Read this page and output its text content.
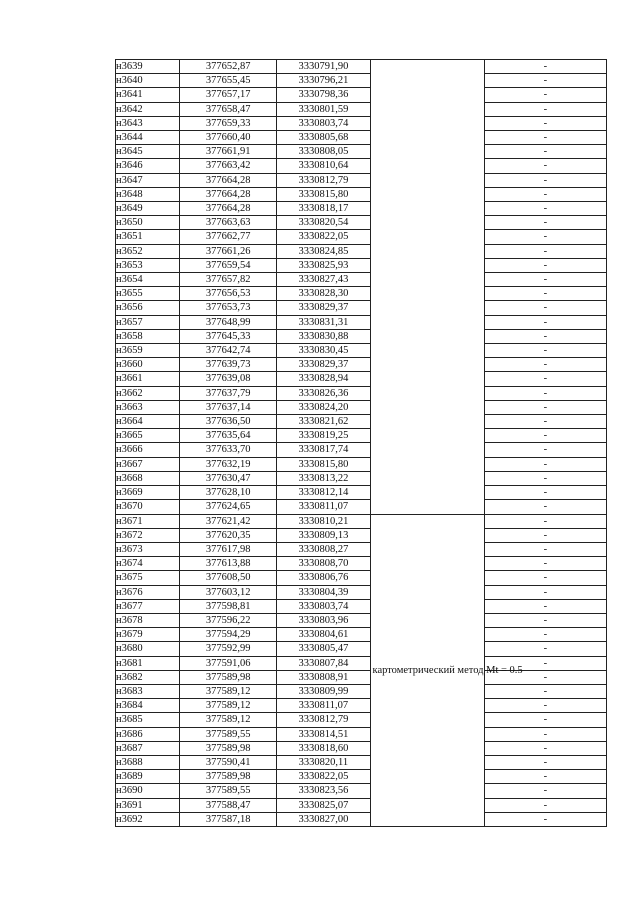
н3639	377652,87	3330791,90		-
н3640	377655,45	3330796,21		-
н3641	377657,17	3330798,36		-
н3642	377658,47	3330801,59		-
н3643	377659,33	3330803,74		-
н3644	377660,40	3330805,68		-
н3645	377661,91	3330808,05		-
н3646	377663,42	3330810,64		-
н3647	377664,28	3330812,79		-
н3648	377664,28	3330815,80		-
н3649	377664,28	3330818,17		-
н3650	377663,63	3330820,54		-
н3651	377662,77	3330822,05		-
н3652	377661,26	3330824,85		-
н3653	377659,54	3330825,93		-
н3654	377657,82	3330827,43		-
н3655	377656,53	3330828,30		-
н3656	377653,73	3330829,37		-
н3657	377648,99	3330831,31		-
н3658	377645,33	3330830,88		-
н3659	377642,74	3330830,45		-
н3660	377639,73	3330829,37		-
н3661	377639,08	3330828,94		-
н3662	377637,79	3330826,36		-
н3663	377637,14	3330824,20		-
н3664	377636,50	3330821,62		-
н3665	377635,64	3330819,25		-
н3666	377633,70	3330817,74		-
н3667	377632,19	3330815,80		-
н3668	377630,47	3330813,22		-
н3669	377628,10	3330812,14		-
н3670	377624,65	3330811,07		-
н3671	377621,42	3330810,21	картометрический метод Mt = 0.5	-
н3672	377620,35	3330809,13		-
н3673	377617,98	3330808,27		-
н3674	377613,88	3330808,70		-
н3675	377608,50	3330806,76		-
н3676	377603,12	3330804,39		-
н3677	377598,81	3330803,74		-
н3678	377596,22	3330803,96		-
н3679	377594,29	3330804,61		-
н3680	377592,99	3330805,47		-
н3681	377591,06	3330807,84		-
н3682	377589,98	3330808,91		-
н3683	377589,12	3330809,99		-
н3684	377589,12	3330811,07		-
н3685	377589,12	3330812,79		-
н3686	377589,55	3330814,51		-
н3687	377589,98	3330818,60		-
н3688	377590,41	3330820,11		-
н3689	377589,98	3330822,05		-
н3690	377589,55	3330823,56		-
н3691	377588,47	3330825,07		-
н3692	377587,18	3330827,00		-
